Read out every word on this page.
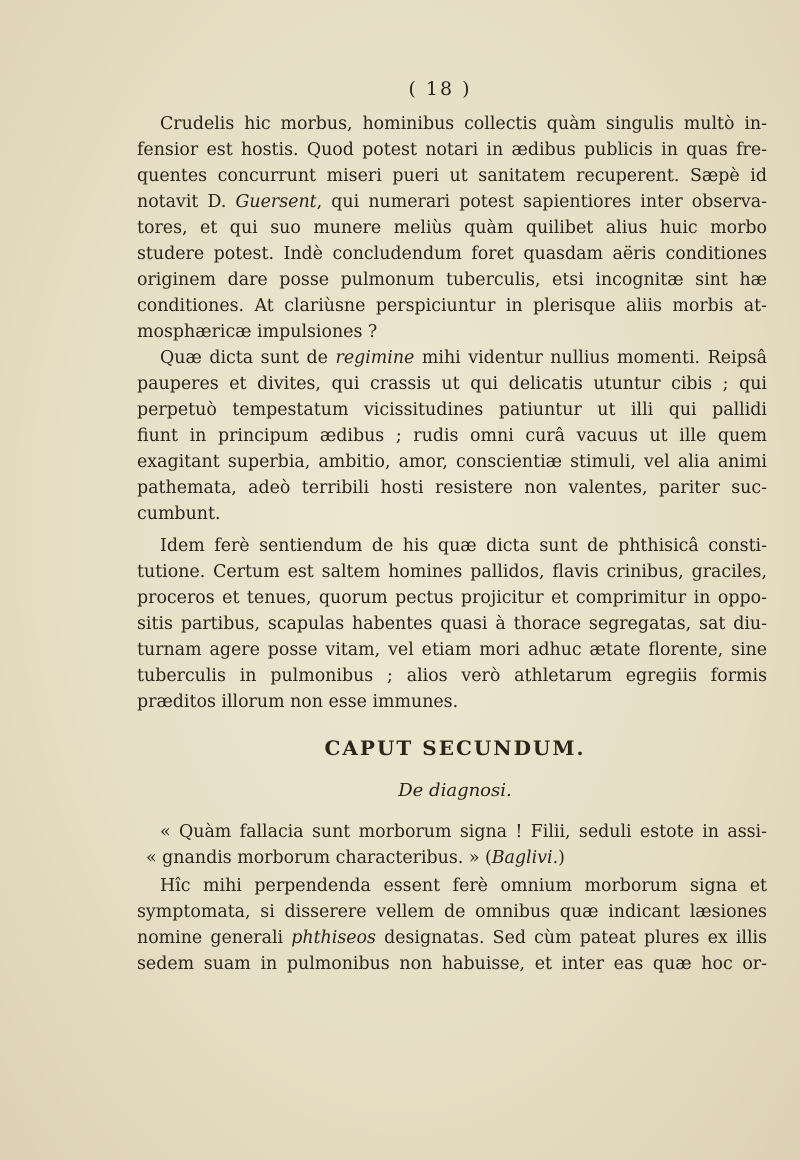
( 18 )

Crudelis hic morbus, hominibus collectis quàm singulis multò in-

fensior est hostis. Quod potest notari in ædibus publicis in quas fre-

quentes concurrunt miseri pueri ut sanitatem recuperent. Sæpè id

notavit D. Guersent, qui numerari potest sapientiores inter observa-

tores, et qui suo munere meliùs quàm quilibet alius huic morbo

studere potest. Indè concludendum foret quasdam aëris conditiones

originem dare posse pulmonum tuberculis, etsi incognitæ sint hæ

conditiones. At clariùsne perspiciuntur in plerisque aliis morbis at-

mosphæricæ impulsiones ?

Quæ dicta sunt de regimine mihi videntur nullius momenti. Reipsâ

pauperes et divites, qui crassis ut qui delicatis utuntur cibis ; qui

perpetuò tempestatum vicissitudines patiuntur ut illi qui pallidi

fiunt in principum ædibus ; rudis omni curâ vacuus ut ille quem

exagitant superbia, ambitio, amor, conscientiæ stimuli, vel alia animi

pathemata, adeò terribili hosti resistere non valentes, pariter suc-

cumbunt.

Idem ferè sentiendum de his quæ dicta sunt de phthisicâ consti-

tutione. Certum est saltem homines pallidos, flavis crinibus, graciles,

proceros et tenues, quorum pectus projicitur et comprimitur in oppo-

sitis partibus, scapulas habentes quasi à thorace segregatas, sat diu-

turnam agere posse vitam, vel etiam mori adhuc ætate florente, sine

tuberculis in pulmonibus ; alios verò athletarum egregiis formis

præditos illorum non esse immunes.

CAPUT SECUNDUM.
De diagnosi.

« Quàm fallacia sunt morborum signa ! Filii, seduli estote in assi-

« gnandis morborum characteribus. » (Baglivi.)

Hîc mihi perpendenda essent ferè omnium morborum signa et

symptomata, si disserere vellem de omnibus quæ indicant læsiones

nomine generali phthiseos designatas. Sed cùm pateat plures ex illis

sedem suam in pulmonibus non habuisse, et inter eas quæ hoc or-
